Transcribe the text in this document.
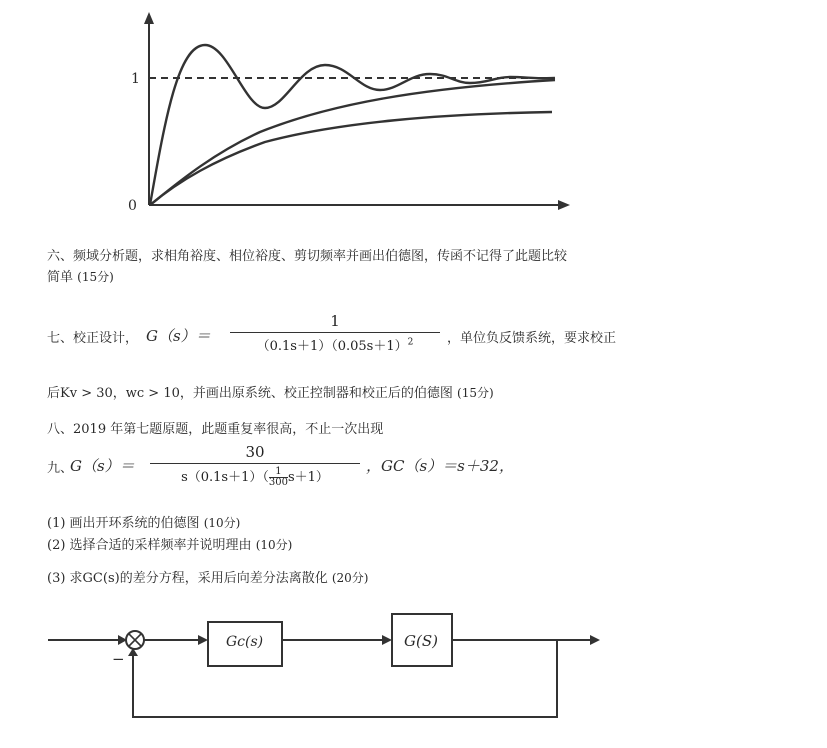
1
0
六、频域分析题，求相角裕度、相位裕度、剪切频率并画出伯德图，传函不记得了此题比较
简单 (15分)
七、校正设计， G（s）＝
1
$(0.1s+1)(0.05s+1)^2$	，单位负反馈系统，要求校正
后Kv > 30，wc > 10，并画出原系统、校正控制器和校正后的伯德图 (15分)
八、2019 年第七题原题，此题重复率很高，不止一次出现
九、
G（s）＝
30
$s(0.1s+1)(\frac{1}{300}s+1)$
，GC（s）＝s＋32，
(1) 画出开环系统的伯德图 (10分)
(2) 选择合适的采样频率并说明理由 (10分)
(3) 求GC(s)的差分方程，采用后向差分法离散化 (20分)
Gc(s)	G(S)
−
